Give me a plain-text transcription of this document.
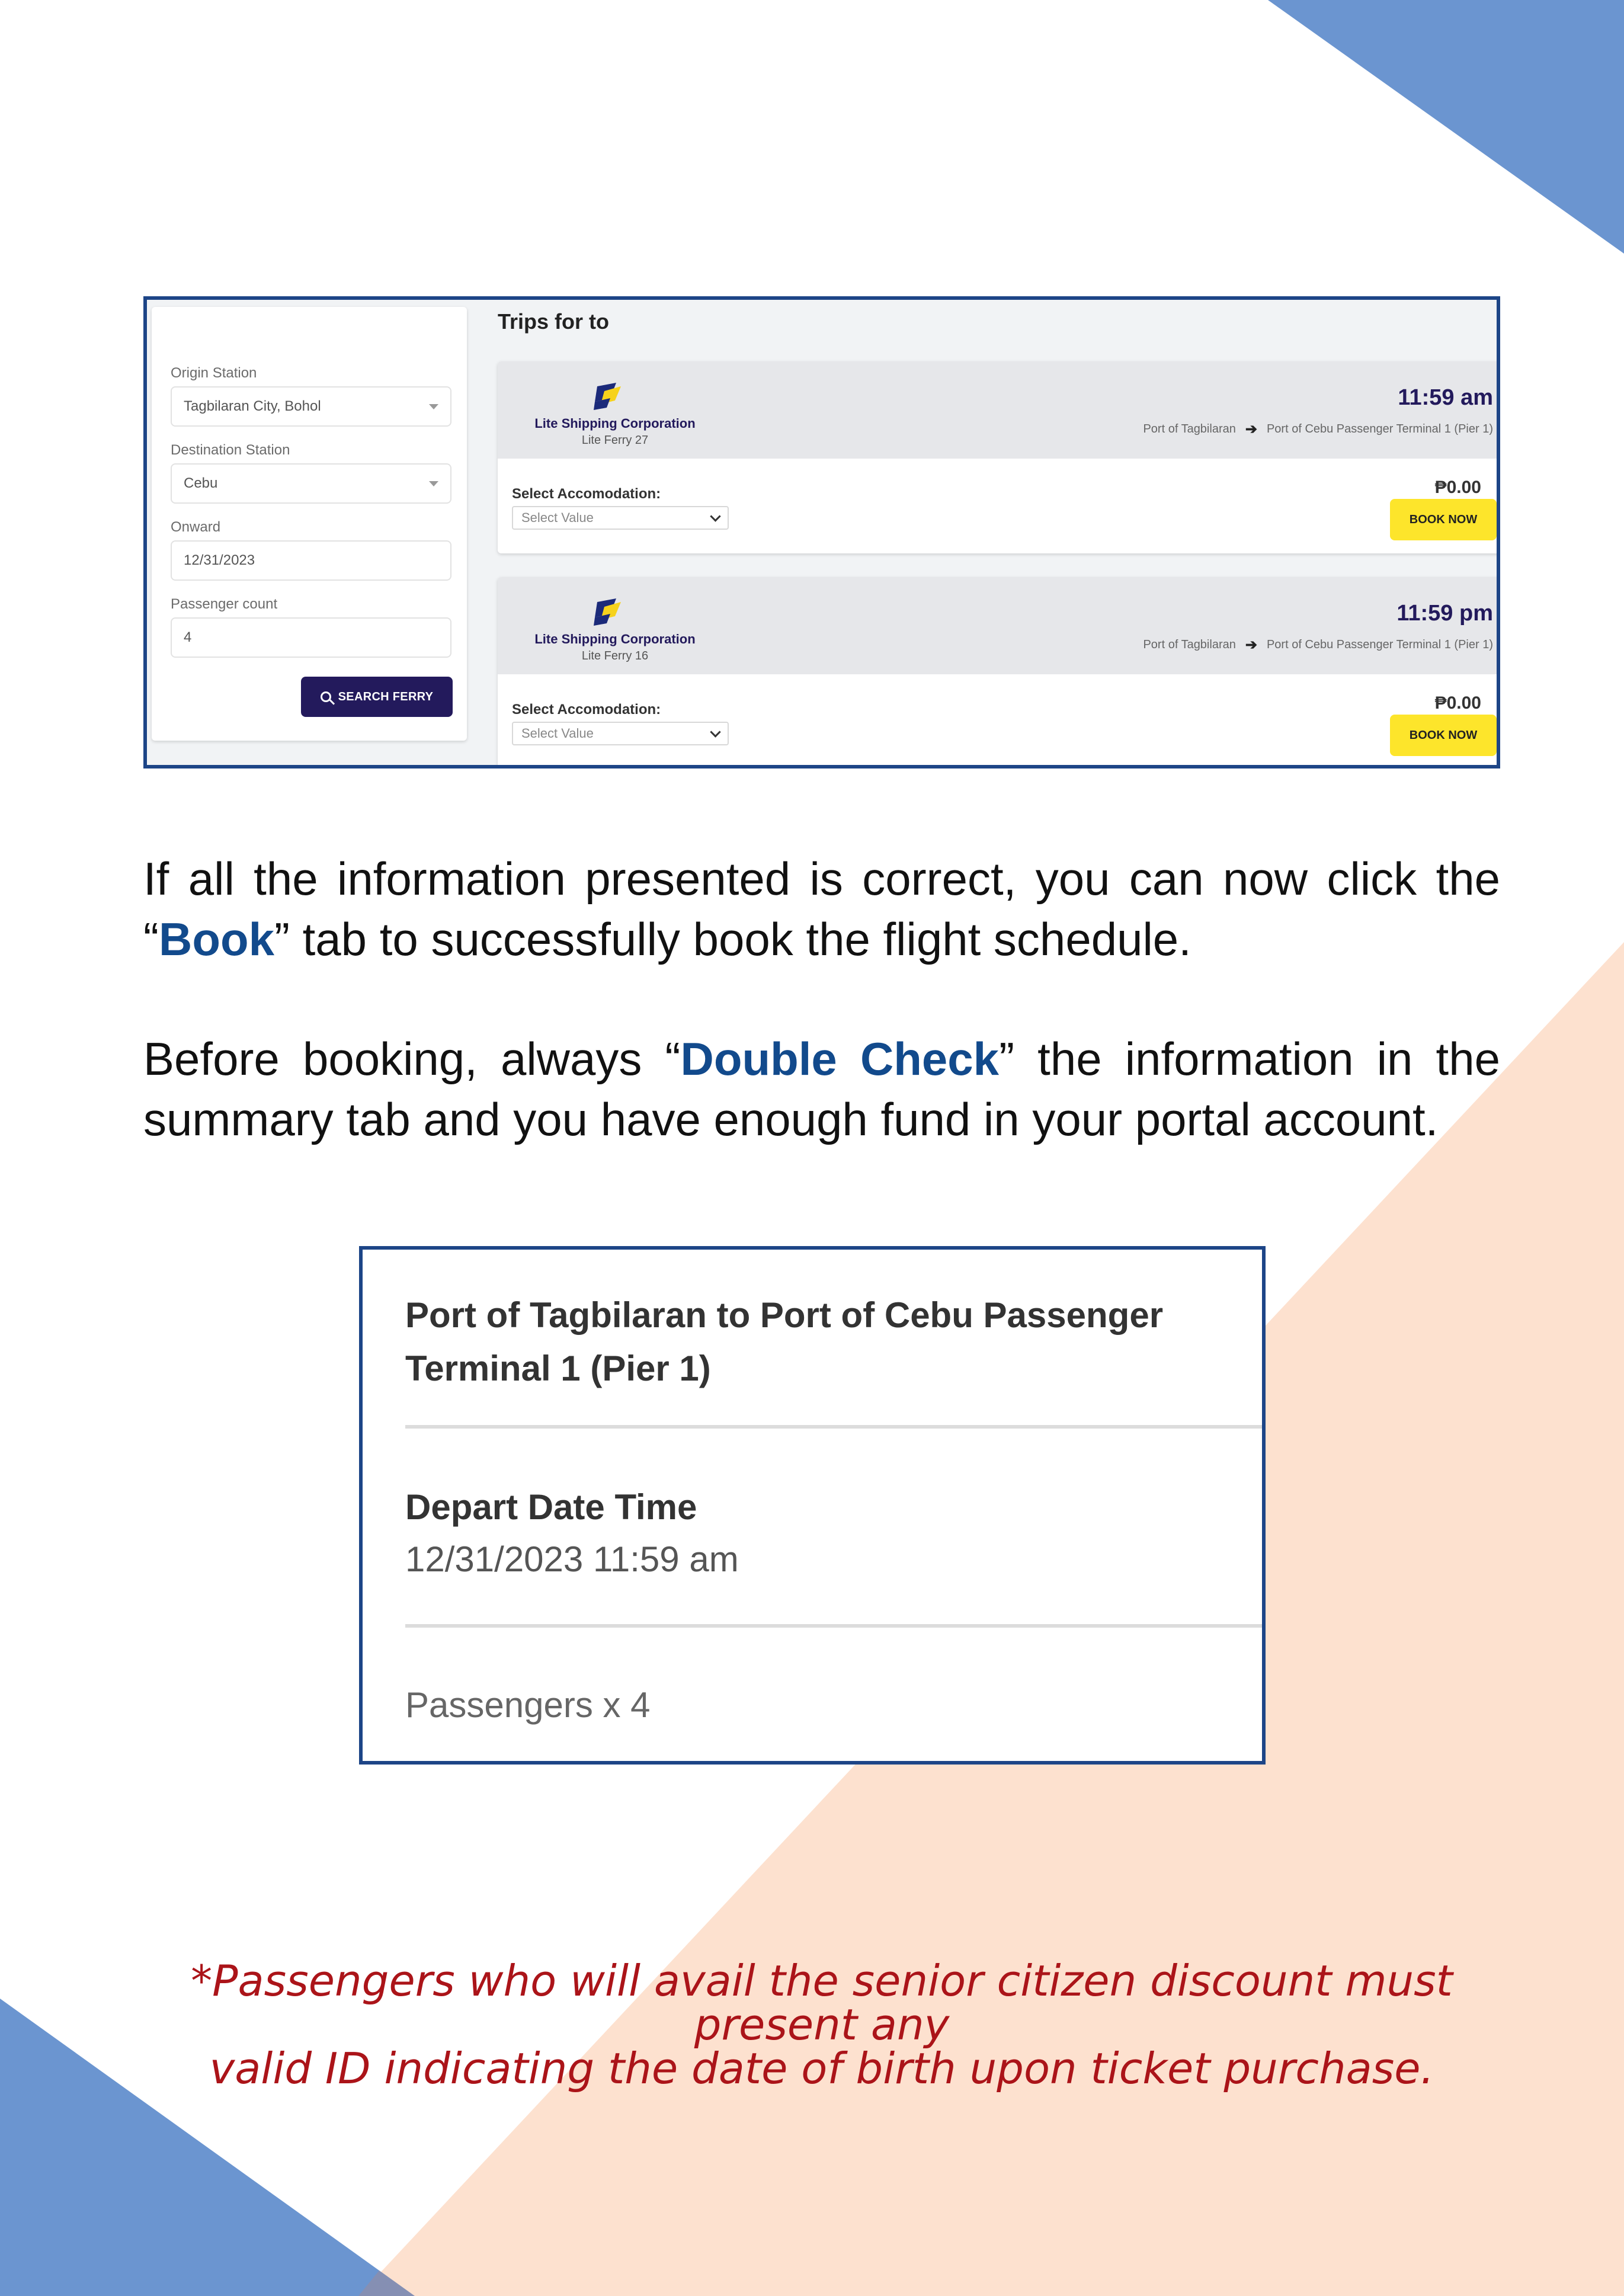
Origin Station
Tagbilaran City, Bohol
Destination Station
Cebu
Onward
12/31/2023
Passenger count
4
SEARCH FERRY
Trips for to
Lite Shipping Corporation
Lite Ferry 27
11:59 am
Port of Tagbilaran ➔ Port of Cebu Passenger Terminal 1 (Pier 1)
Select Accomodation:
Select Value
₱0.00
BOOK NOW
Lite Shipping Corporation
Lite Ferry 16
11:59 pm
Port of Tagbilaran ➔ Port of Cebu Passenger Terminal 1 (Pier 1)
Select Accomodation:
Select Value
₱0.00
BOOK NOW

If all the information presented is correct, you can now click the “Book” tab to successfully book the flight schedule.

Before booking, always “Double Check” the information in the summary tab and you have enough fund in your portal account.

Port of Tagbilaran to Port of Cebu Passenger Terminal 1 (Pier 1)
Depart Date Time
12/31/2023 11:59 am
Passengers x 4
*Passengers who will avail the senior citizen discount must present any
valid ID indicating the date of birth upon ticket purchase.
